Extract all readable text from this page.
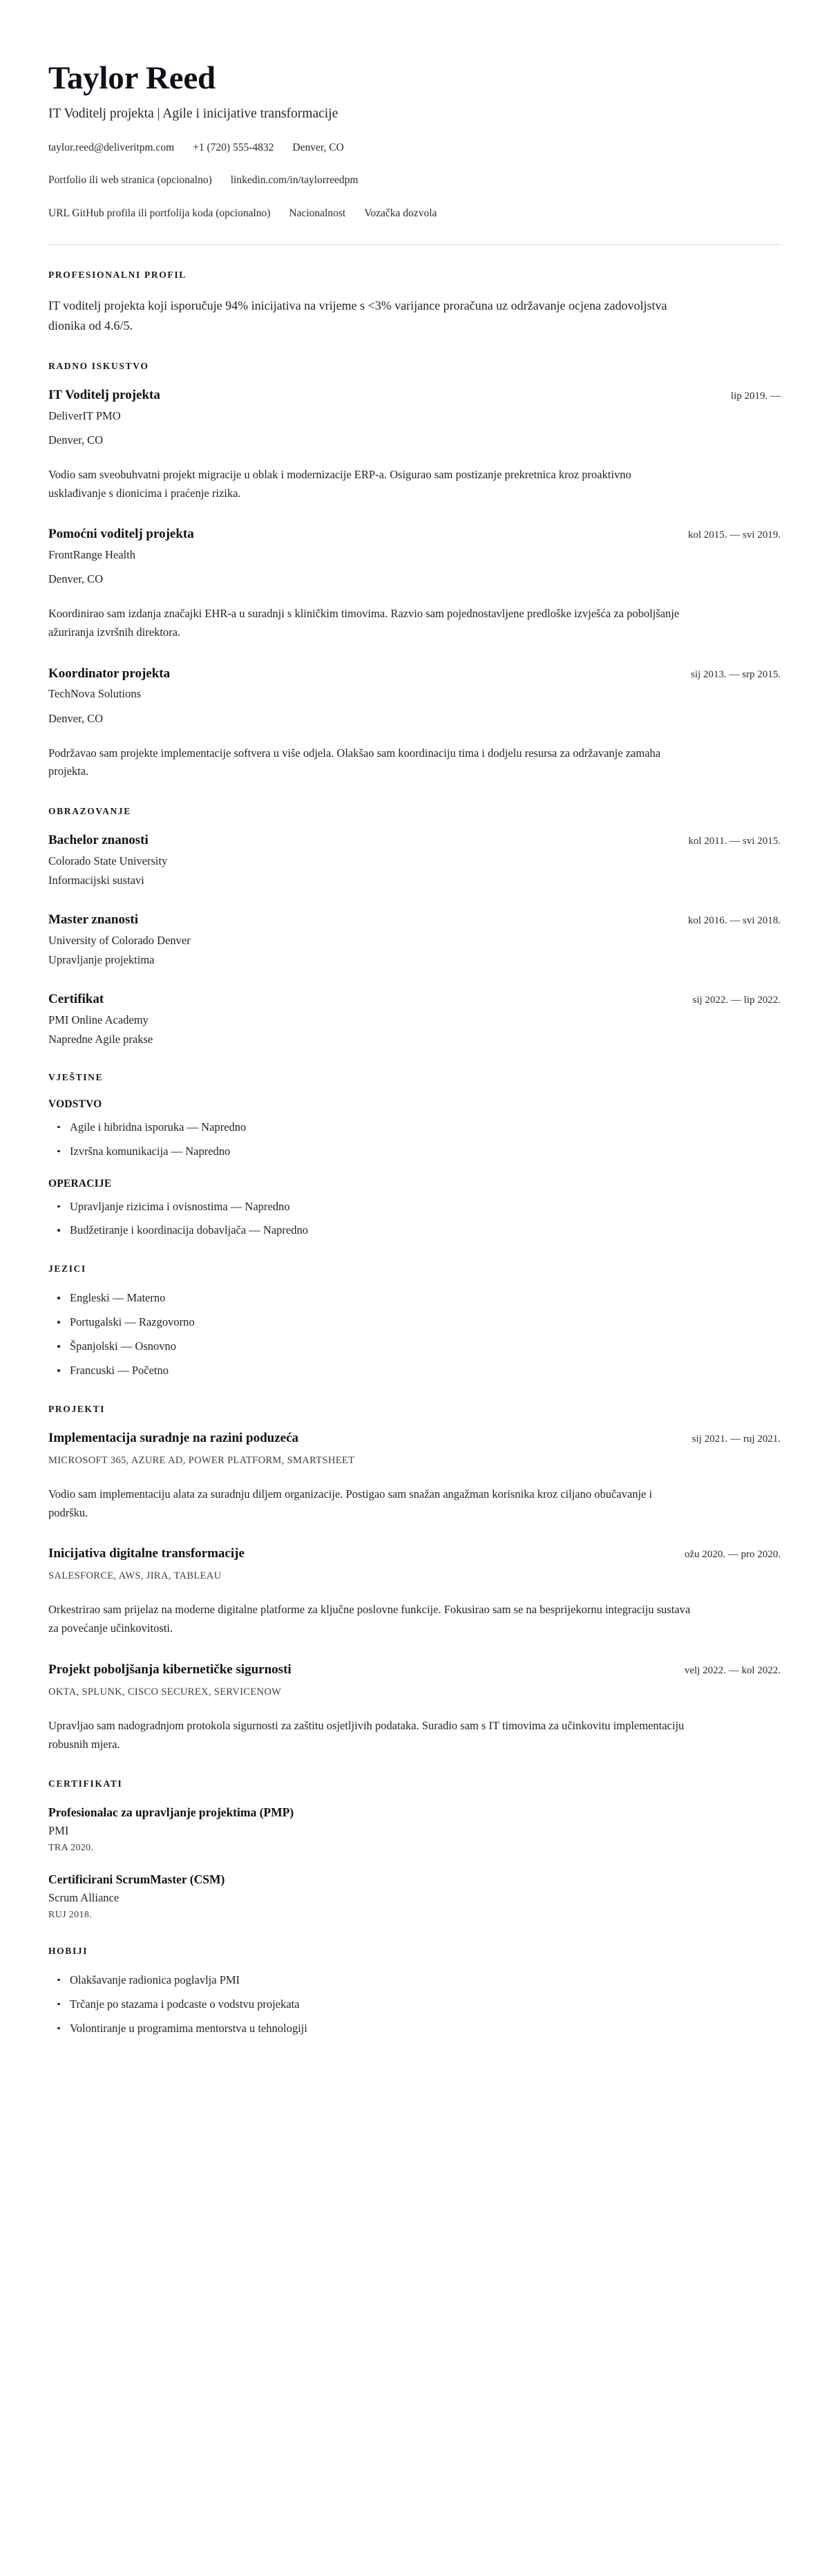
Taylor Reed
IT Voditelj projekta | Agile i inicijative transformacije
taylor.reed@deliveritpm.com +1 (720) 555-4832 Denver, CO
Portfolio ili web stranica (opcionalno) linkedin.com/in/taylorreedpm
URL GitHub profila ili portfolija koda (opcionalno) Nacionalnost Vozačka dozvola
PROFESIONALNI PROFIL

IT voditelj projekta koji isporučuje 94% inicijativa na vrijeme s <3% varijance proračuna uz održavanje ocjena zadovoljstva dionika od 4.6/5.

RADNO ISKUSTVO
IT Voditelj projekta	lip 2019. —
DeliverIT PMO
Denver, CO

Vodio sam sveobuhvatni projekt migracije u oblak i modernizacije ERP-a. Osigurao sam postizanje prekretnica kroz proaktivno usklađivanje s dionicima i praćenje rizika.

Pomoćni voditelj projekta	kol 2015. — svi 2019.
FrontRange Health
Denver, CO

Koordinirao sam izdanja značajki EHR-a u suradnji s kliničkim timovima. Razvio sam pojednostavljene predloške izvješća za poboljšanje ažuriranja izvršnih direktora.

Koordinator projekta	sij 2013. — srp 2015.
TechNova Solutions
Denver, CO

Podržavao sam projekte implementacije softvera u više odjela. Olakšao sam koordinaciju tima i dodjelu resursa za održavanje zamaha projekta.

OBRAZOVANJE
Bachelor znanosti	kol 2011. — svi 2015.
Colorado State University
Informacijski sustavi
Master znanosti	kol 2016. — svi 2018.
University of Colorado Denver
Upravljanje projektima
Certifikat	sij 2022. — lip 2022.
PMI Online Academy
Napredne Agile prakse
VJEŠTINE
VODSTVO
Agile i hibridna isporuka — Napredno
Izvršna komunikacija — Napredno
OPERACIJE
Upravljanje rizicima i ovisnostima — Napredno
Budžetiranje i koordinacija dobavljača — Napredno
JEZICI
Engleski — Materno
Portugalski — Razgovorno
Španjolski — Osnovno
Francuski — Početno
PROJEKTI
Implementacija suradnje na razini poduzeća	sij 2021. — ruj 2021.
MICROSOFT 365, AZURE AD, POWER PLATFORM, SMARTSHEET

Vodio sam implementaciju alata za suradnju diljem organizacije. Postigao sam snažan angažman korisnika kroz ciljano obučavanje i podršku.

Inicijativa digitalne transformacije	ožu 2020. — pro 2020.
SALESFORCE, AWS, JIRA, TABLEAU

Orkestrirao sam prijelaz na moderne digitalne platforme za ključne poslovne funkcije. Fokusirao sam se na besprijekornu integraciju sustava za povećanje učinkovitosti.

Projekt poboljšanja kibernetičke sigurnosti	velj 2022. — kol 2022.
OKTA, SPLUNK, CISCO SECUREX, SERVICENOW

Upravljao sam nadogradnjom protokola sigurnosti za zaštitu osjetljivih podataka. Suradio sam s IT timovima za učinkovitu implementaciju robusnih mjera.

CERTIFIKATI
Profesionalac za upravljanje projektima (PMP)
PMI
TRA 2020.
Certificirani ScrumMaster (CSM)
Scrum Alliance
RUJ 2018.
HOBIJI
Olakšavanje radionica poglavlja PMI
Trčanje po stazama i podcaste o vodstvu projekata
Volontiranje u programima mentorstva u tehnologiji
